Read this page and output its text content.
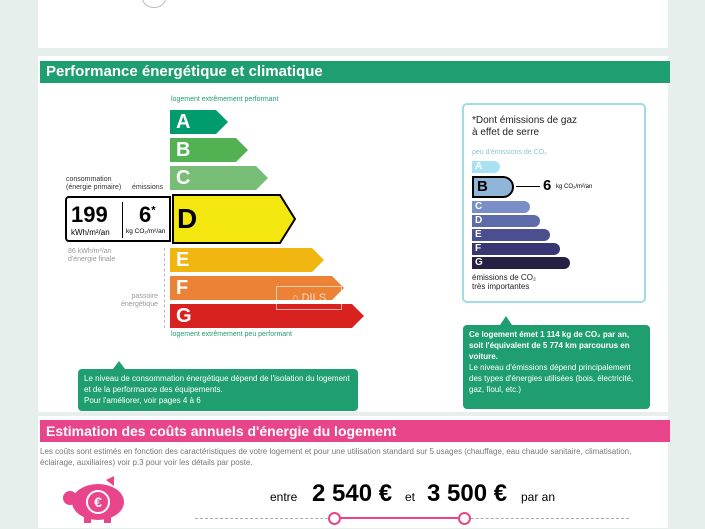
Performance énergétique et climatique
logement extrêmement performant
A
B
C
D
E
F
G
⌂ DILS
logement extrêmement peu performant
consommation
(énergie primaire) émissions
199
kWh/m²/an
6*
kg CO₂/m²/an
86 kWh/m²/an
d'énergie finale
passoire
énergétique
Le niveau de consommation énergétique dépend de l'isolation du logement et de la performance des équipements.
Pour l'améliorer, voir pages 4 à 6
*Dont émissions de gaz
à effet de serre
peu d'émissions de CO₂
A
B	6 kg CO₂/m²/an
C
D
E
F
G
émissions de CO₂
très importantes
Ce logement émet 1 114 kg de CO₂ par an, soit l'équivalent de 5 774 km parcourus en voiture.
Le niveau d'émissions dépend principalement des types d'énergies utilisées (bois, électricité, gaz, fioul, etc.)
Estimation des coûts annuels d'énergie du logement
Les coûts sont estimés en fonction des caractéristiques de votre logement et pour une utilisation standard sur 5 usages (chauffage, eau chaude sanitaire, climatisation, éclairage, auxiliaires) voir p.3 pour voir les détails par poste.
€	entre 2 540 € et 3 500 € par an
